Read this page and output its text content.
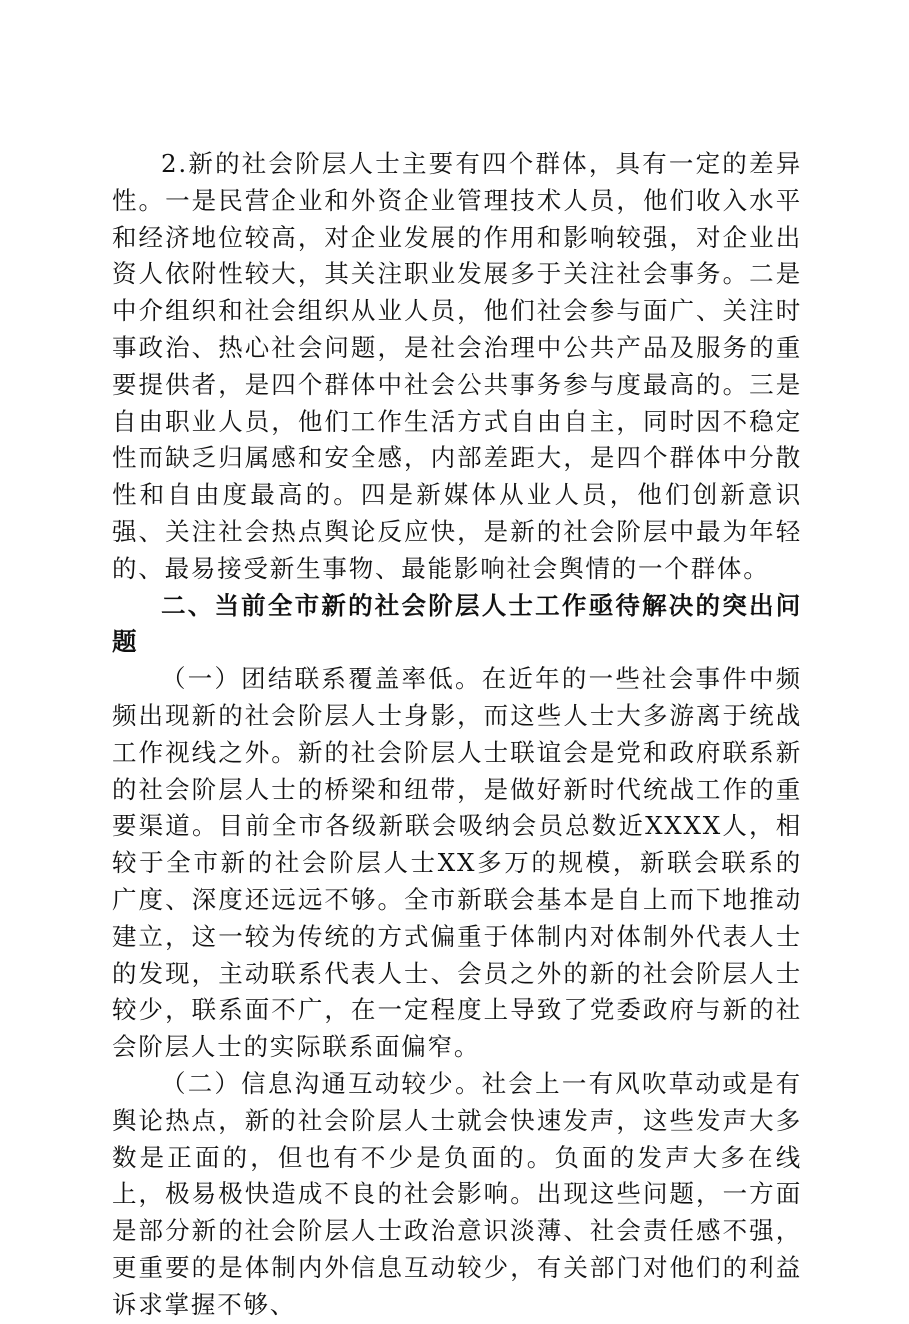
2.新的社会阶层人士主要有四个群体，具有一定的差异性。一是民营企业和外资企业管理技术人员，他们收入水平和经济地位较高，对企业发展的作用和影响较强，对企业出资人依附性较大，其关注职业发展多于关注社会事务。二是中介组织和社会组织从业人员，他们社会参与面广、关注时事政治、热心社会问题，是社会治理中公共产品及服务的重要提供者，是四个群体中社会公共事务参与度最高的。三是自由职业人员，他们工作生活方式自由自主，同时因不稳定性而缺乏归属感和安全感，内部差距大，是四个群体中分散性和自由度最高的。四是新媒体从业人员，他们创新意识强、关注社会热点舆论反应快，是新的社会阶层中最为年轻的、最易接受新生事物、最能影响社会舆情的一个群体。

二、当前全市新的社会阶层人士工作亟待解决的突出问题

（一）团结联系覆盖率低。在近年的一些社会事件中频频出现新的社会阶层人士身影，而这些人士大多游离于统战工作视线之外。新的社会阶层人士联谊会是党和政府联系新的社会阶层人士的桥梁和纽带，是做好新时代统战工作的重要渠道。目前全市各级新联会吸纳会员总数近XXXX人，相较于全市新的社会阶层人士XX多万的规模，新联会联系的广度、深度还远远不够。全市新联会基本是自上而下地推动建立，这一较为传统的方式偏重于体制内对体制外代表人士的发现，主动联系代表人士、会员之外的新的社会阶层人士较少，联系面不广，在一定程度上导致了党委政府与新的社会阶层人士的实际联系面偏窄。

（二）信息沟通互动较少。社会上一有风吹草动或是有舆论热点，新的社会阶层人士就会快速发声，这些发声大多数是正面的，但也有不少是负面的。负面的发声大多在线上，极易极快造成不良的社会影响。出现这些问题，一方面是部分新的社会阶层人士政治意识淡薄、社会责任感不强，更重要的是体制内外信息互动较少，有关部门对他们的利益诉求掌握不够、
